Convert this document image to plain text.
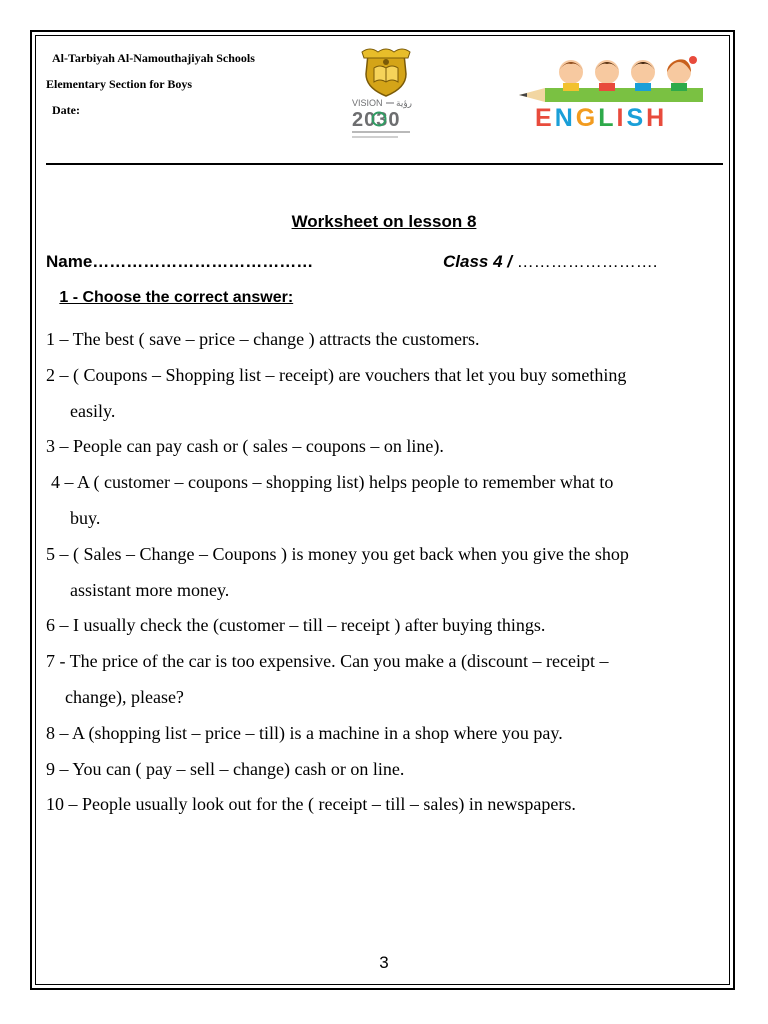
Al-Tarbiyah Al-Namouthajiyah Schools
Elementary Section for Boys
Date:	VISION رؤية
2030	ENGLISH
Worksheet on lesson 8
Name…………………………………	Class 4 / …………………….
1 - Choose the correct answer:
1 – The best ( save – price – change ) attracts the customers.
2 – ( Coupons – Shopping list – receipt) are vouchers that let you buy something
easily.
3 – People can pay cash or ( sales – coupons – on line).
4 – A ( customer – coupons – shopping list) helps people to remember what to
buy.
5 – ( Sales – Change – Coupons ) is money you get back when you give the shop
assistant more money.
6 – I usually check the (customer – till – receipt ) after buying things.
7 - The price of the car is too expensive. Can you make a (discount – receipt –
change), please?
8 – A (shopping list – price – till) is a machine in a shop where you pay.
9 – You can ( pay – sell – change) cash or on line.
10 – People usually look out for the ( receipt – till – sales) in newspapers.
3
